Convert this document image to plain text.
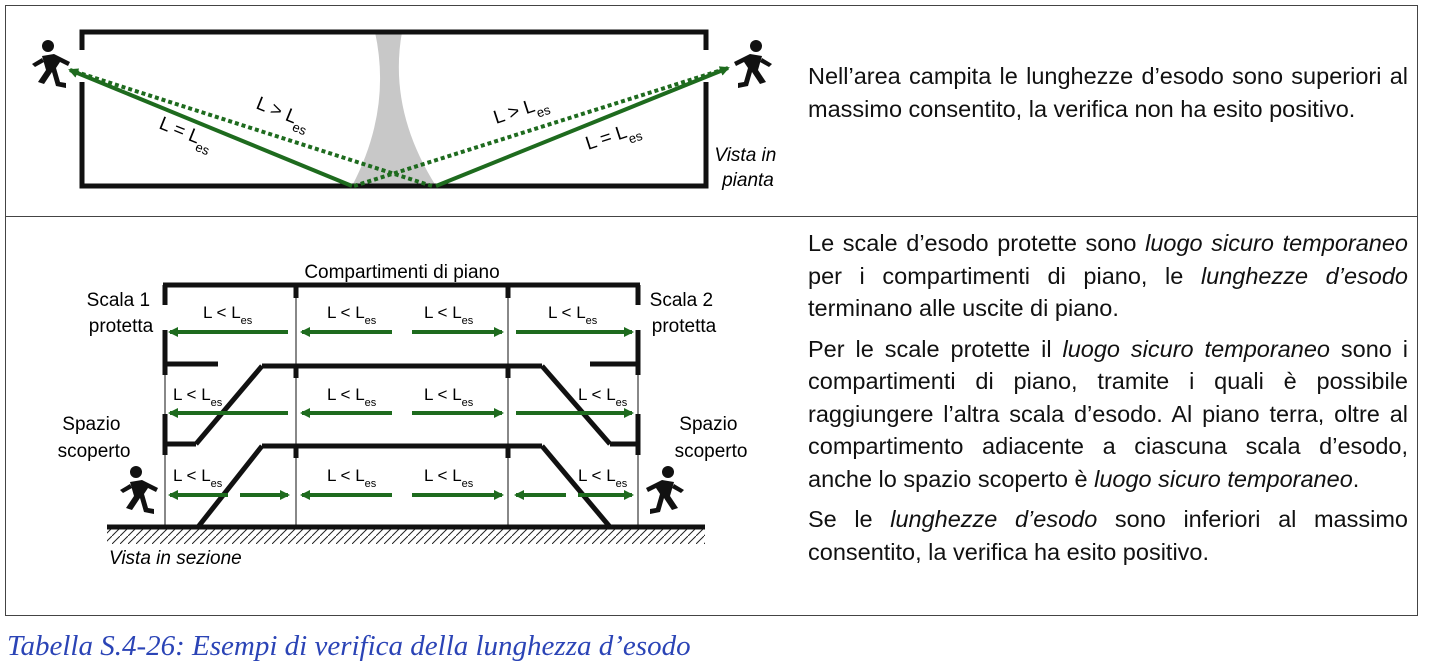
$L = L_{es}$
$L > L_{es}$	$L > L_{es}$
$L = L_{es}$
Vista in pianta
Compartimenti di piano
$L < L_{es}$	$L < L_{es}$	$L < L_{es}$	$L < L_{es}$
$L < L_{es}$	$L < L_{es}$	$L < L_{es}$	$L < L_{es}$
$L < L_{es}$	$L < L_{es}$	$L < L_{es}$	$L < L_{es}$
Scala 1 protetta
Scala 2 protetta
Spazio scoperto
Spazio scoperto
Vista in sezione

Nell’area campita le lunghezze d’esodo sono superiori al massimo consentito, la verifica non ha esito positivo.

Le scale d’esodo protette sono luogo sicuro temporaneo per i compartimenti di piano, le lunghezze d’esodo terminano alle uscite di piano.

Per le scale protette il luogo sicuro temporaneo sono i compartimenti di piano, tramite i quali è possibile raggiungere l’altra scala d’esodo. Al piano terra, oltre al compartimento adiacente a ciascuna scala d’esodo, anche lo spazio scoperto è luogo sicuro temporaneo.

Se le lunghezze d’esodo sono inferiori al massimo consentito, la verifica ha esito positivo.

Tabella S.4-26: Esempi di verifica della lunghezza d’esodo
